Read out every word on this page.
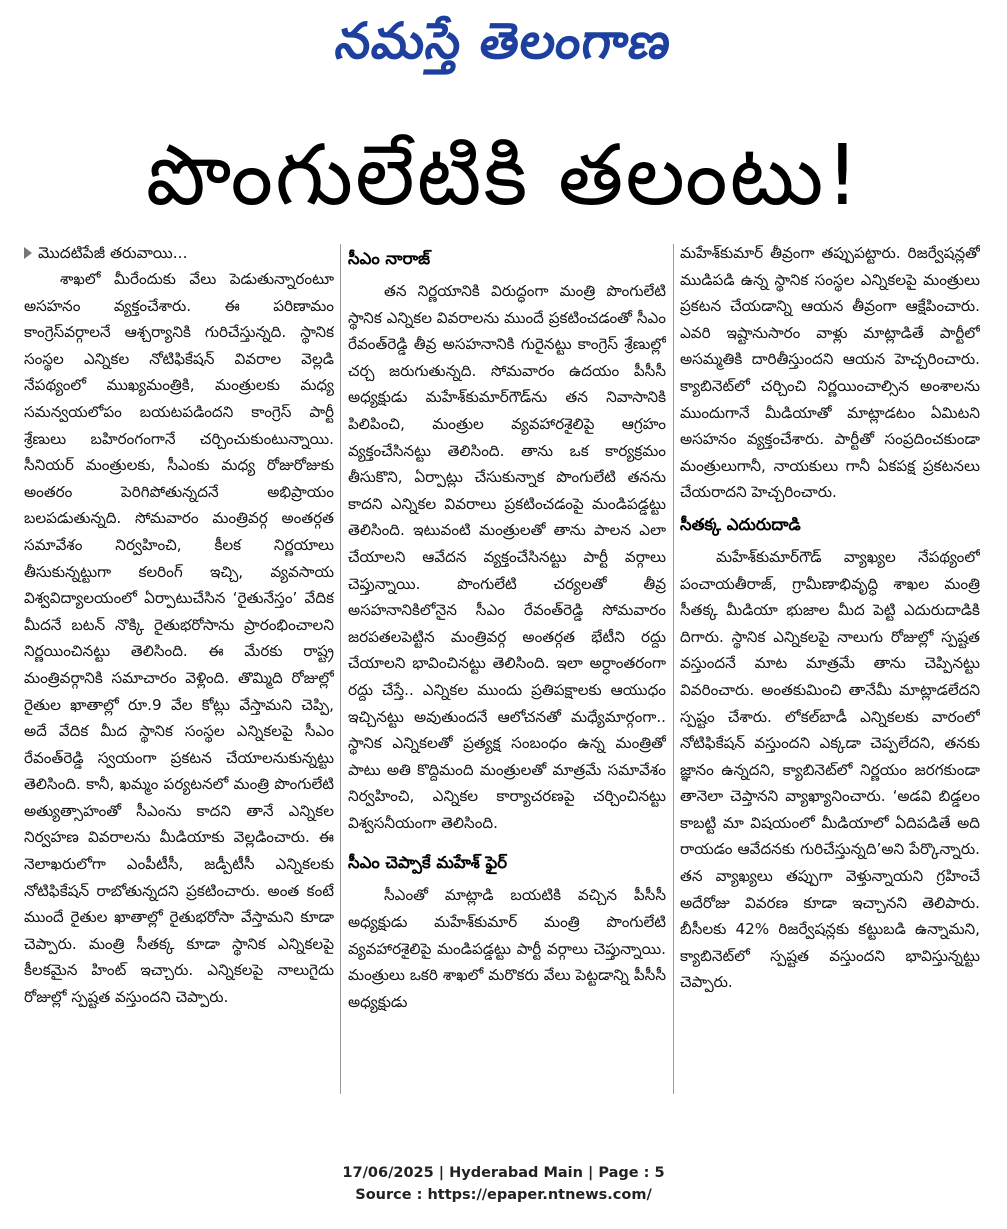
నమస్తే తెలంగాణ
పొంగులేటికి తలంటు!
మొదటిపేజీ తరువాయి...

శాఖలో మీరేందుకు వేలు పెడుతున్నారంటూ అసహనం వ్యక్తంచేశారు. ఈ పరిణామం కాంగ్రెస్‌వర్గాలనే ఆశ్చర్యానికి గురిచేస్తున్నది. స్థానిక సంస్థల ఎన్నికల నోటిఫికేషన్ వివరాల వెల్లడి నేపథ్యంలో ముఖ్యమంత్రికి, మంత్రులకు మధ్య సమన్వయలోపం బయటపడిందని కాంగ్రెస్ పార్టీ శ్రేణులు బహిరంగంగానే చర్చించుకుంటున్నాయి. సీనియర్ మంత్రులకు, సీఎంకు మధ్య రోజురోజుకు అంతరం పెరిగిపోతున్నదనే అభిప్రాయం బలపడుతున్నది. సోమవారం మంత్రివర్గ అంతర్గత సమావేశం నిర్వహించి, కీలక నిర్ణయాలు తీసుకున్నట్టుగా కలరింగ్ ఇచ్చి, వ్యవసాయ విశ్వవిద్యాలయంలో ఏర్పాటుచేసిన ‘రైతునేస్తం’ వేదిక మీదనే బటన్ నొక్కి రైతుభరోసాను ప్రారంభించాలని నిర్ణయించినట్టు తెలిసింది. ఈ మేరకు రాష్ట్ర మంత్రివర్గానికి సమాచారం వెళ్లింది. తొమ్మిది రోజుల్లో రైతుల ఖాతాల్లో రూ.9 వేల కోట్లు వేస్తామని చెప్పి, అదే వేదిక మీద స్థానిక సంస్థల ఎన్నికలపై సీఎం రేవంత్‌రెడ్డి స్వయంగా ప్రకటన చేయాలనుకున్నట్టు తెలిసింది. కానీ, ఖమ్మం పర్యటనలో మంత్రి పొంగులేటి అత్యుత్సాహంతో సీఎంను కాదని తానే ఎన్నికల నిర్వహణ వివరాలను మీడియాకు వెల్లడించారు. ఈ నెలాఖరులోగా ఎంపీటీసీ, జడ్పీటీసీ ఎన్నికలకు నోటిఫికేషన్ రాబోతున్నదని ప్రకటించారు. అంత కంటే ముందే రైతుల ఖాతాల్లో రైతుభరోసా వేస్తామని కూడా చెప్పారు. మంత్రి సీతక్క కూడా స్థానిక ఎన్నికలపై కీలకమైన హింట్ ఇచ్చారు. ఎన్నికలపై నాలుగైదు రోజుల్లో స్పష్టత వస్తుందని చెప్పారు.

సీఎం నారాజ్

తన నిర్ణయానికి విరుద్ధంగా మంత్రి పొంగులేటి స్థానిక ఎన్నికల వివరాలను ముందే ప్రకటించడంతో సీఎం రేవంత్‌రెడ్డి తీవ్ర అసహనానికి గురైనట్టు కాంగ్రెస్ శ్రేణుల్లో చర్చ జరుగుతున్నది. సోమవారం ఉదయం పీసీసీ అధ్యక్షుడు మహేశ్‌కుమార్‌గౌడ్‌ను తన నివాసానికి పిలిపించి, మంత్రుల వ్యవహారశైలిపై ఆగ్రహం వ్యక్తంచేసినట్టు తెలిసింది. తాను ఒక కార్యక్రమం తీసుకొని, ఏర్పాట్లు చేసుకున్నాక పొంగులేటి తనను కాదని ఎన్నికల వివరాలు ప్రకటించడంపై మండిపడ్డట్టు తెలిసింది. ఇటువంటి మంత్రులతో తాను పాలన ఎలా చేయాలని ఆవేదన వ్యక్తంచేసినట్టు పార్టీ వర్గాలు చెప్తున్నాయి. పొంగులేటి చర్యలతో తీవ్ర అసహనానికిలోనైన సీఎం రేవంత్‌రెడ్డి సోమవారం జరపతలపెట్టిన మంత్రివర్గ అంతర్గత భేటీని రద్దు చేయాలని భావించినట్టు తెలిసింది. ఇలా అర్ధాంతరంగా రద్దు చేస్తే.. ఎన్నికల ముందు ప్రతిపక్షాలకు ఆయుధం ఇచ్చినట్టు అవుతుందనే ఆలోచనతో మధ్యేమార్గంగా.. స్థానిక ఎన్నికలతో ప్రత్యక్ష సంబంధం ఉన్న మంత్రితో పాటు అతి కొద్దిమంది మంత్రులతో మాత్రమే సమావేశం నిర్వహించి, ఎన్నికల కార్యాచరణపై చర్చించినట్టు విశ్వసనీయంగా తెలిసింది.

సీఎం చెప్పాకే మహేశ్ ఫైర్

సీఎంతో మాట్లాడి బయటికి వచ్చిన పీసీసీ అధ్యక్షుడు మహేశ్‌కుమార్ మంత్రి పొంగులేటి వ్యవహారశైలిపై మండిపడ్డట్టు పార్టీ వర్గాలు చెప్తున్నాయి. మంత్రులు ఒకరి శాఖలో మరొకరు వేలు పెట్టడాన్ని పీసీసీ అధ్యక్షుడు

మహేశ్‌కుమార్ తీవ్రంగా తప్పుపట్టారు. రిజర్వేషన్లతో ముడిపడి ఉన్న స్థానిక సంస్థల ఎన్నికలపై మంత్రులు ప్రకటన చేయడాన్ని ఆయన తీవ్రంగా ఆక్షేపించారు. ఎవరి ఇష్టానుసారం వాళ్లు మాట్లాడితే పార్టీలో అసమ్మతికి దారితీస్తుందని ఆయన హెచ్చరించారు. క్యాబినెట్‌లో చర్చించి నిర్ణయించాల్సిన అంశాలను ముందుగానే మీడియాతో మాట్లాడటం ఏమిటని అసహనం వ్యక్తంచేశారు. పార్టీతో సంప్రదించకుండా మంత్రులుగానీ, నాయకులు గానీ ఏకపక్ష ప్రకటనలు చేయరాదని హెచ్చరించారు.

సీతక్క ఎదురుదాడి

మహేశ్‌కుమార్‌గౌడ్ వ్యాఖ్యల నేపథ్యంలో పంచాయతీరాజ్, గ్రామీణాభివృద్ధి శాఖల మంత్రి సీతక్క మీడియా భుజాల మీద పెట్టి ఎదురుదాడికి దిగారు. స్థానిక ఎన్నికలపై నాలుగు రోజుల్లో స్పష్టత వస్తుందనే మాట మాత్రమే తాను చెప్పినట్టు వివరించారు. అంతకుమించి తానేమీ మాట్లాడలేదని స్పష్టం చేశారు. లోకల్‌బాడీ ఎన్నికలకు వారంలో నోటిఫికేషన్ వస్తుందని ఎక్కడా చెప్పలేదని, తనకు జ్ఞానం ఉన్నదని, క్యాబినెట్‌లో నిర్ణయం జరగకుండా తానెలా చెప్తానని వ్యాఖ్యానించారు. ‘అడవి బిడ్డలం కాబట్టి మా విషయంలో మీడియాలో ఏదిపడితే అది రాయడం ఆవేదనకు గురిచేస్తున్నది’అని పేర్కొన్నారు. తన వ్యాఖ్యలు తప్పుగా వెళ్తున్నాయని గ్రహించే అదేరోజు వివరణ కూడా ఇచ్చానని తెలిపారు. బీసీలకు 42% రిజర్వేషన్లకు కట్టుబడి ఉన్నామని, క్యాబినెట్‌లో స్పష్టత వస్తుందని భావిస్తున్నట్టు చెప్పారు.

17/06/2025 | Hyderabad Main | Page : 5
Source : https://epaper.ntnews.com/
